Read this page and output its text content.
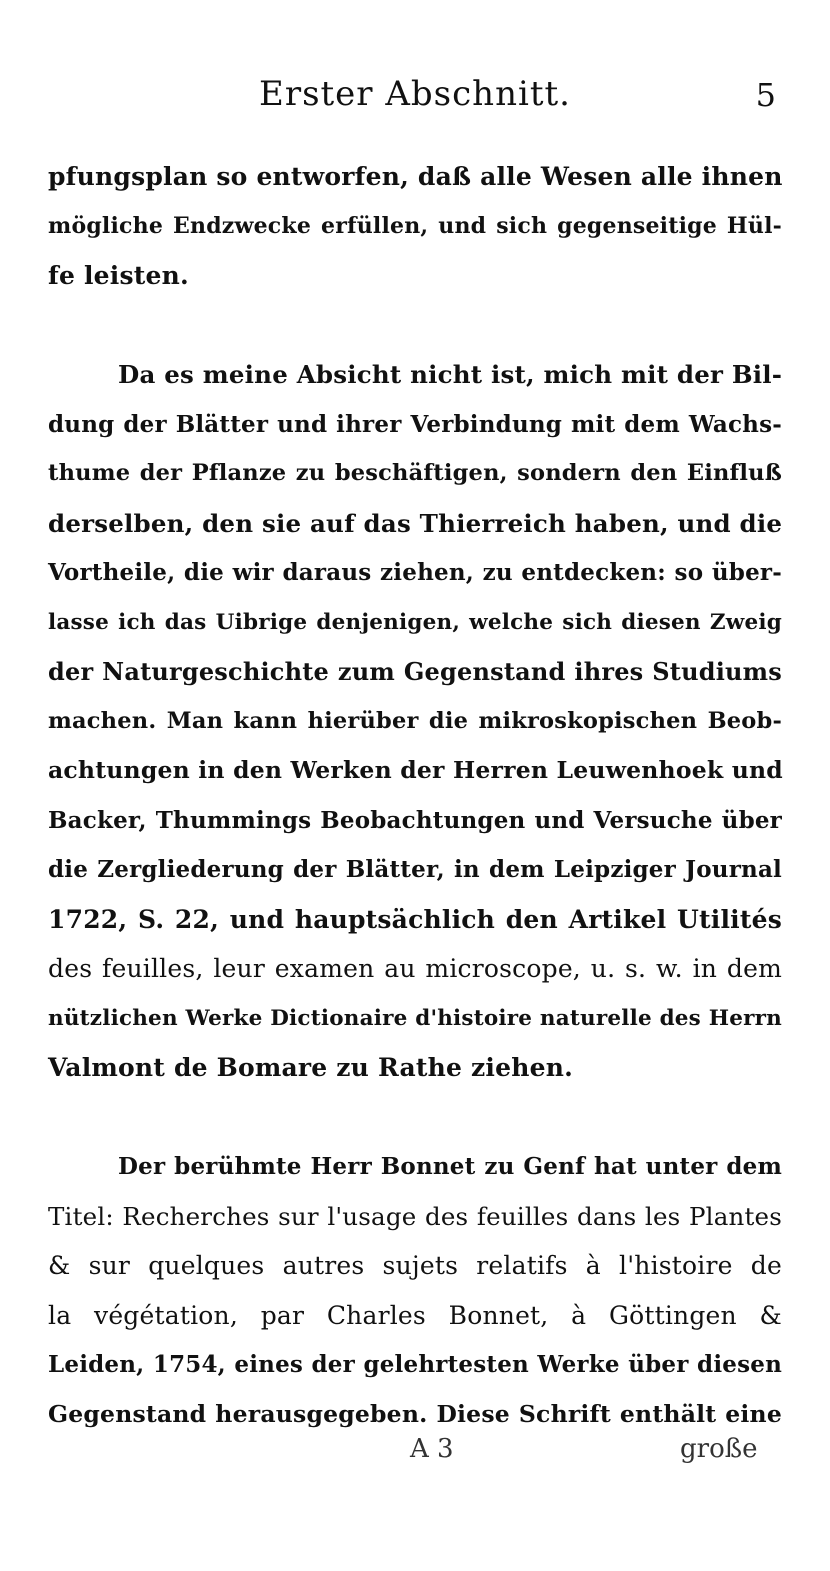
Erster Abschnitt.	5
pfungsplan so entworfen, daß alle Wesen alle ihnen
mögliche Endzwecke erfüllen, und sich gegenseitige Hül-
fe leisten.
Da es meine Absicht nicht ist, mich mit der Bil-
dung der Blätter und ihrer Verbindung mit dem Wachs-
thume der Pflanze zu beschäftigen, sondern den Einfluß
derselben, den sie auf das Thierreich haben, und die
Vortheile, die wir daraus ziehen, zu entdecken: so über-
lasse ich das Uibrige denjenigen, welche sich diesen Zweig
der Naturgeschichte zum Gegenstand ihres Studiums
machen. Man kann hierüber die mikroskopischen Beob-
achtungen in den Werken der Herren Leuwenhoek und
Backer, Thummings Beobachtungen und Versuche über
die Zergliederung der Blätter, in dem Leipziger Journal
1722, S. 22, und hauptsächlich den Artikel Utilités
des feuilles, leur examen au microscope, u. s. w. in dem
nützlichen Werke Dictionaire d'histoire naturelle des Herrn
Valmont de Bomare zu Rathe ziehen.
Der berühmte Herr Bonnet zu Genf hat unter dem
Titel: Recherches sur l'usage des feuilles dans les Plantes
& sur quelques autres sujets relatifs à l'histoire de
la végétation, par Charles Bonnet, à Göttingen &
Leiden, 1754, eines der gelehrtesten Werke über diesen
Gegenstand herausgegeben. Diese Schrift enthält eine
A 3	große
